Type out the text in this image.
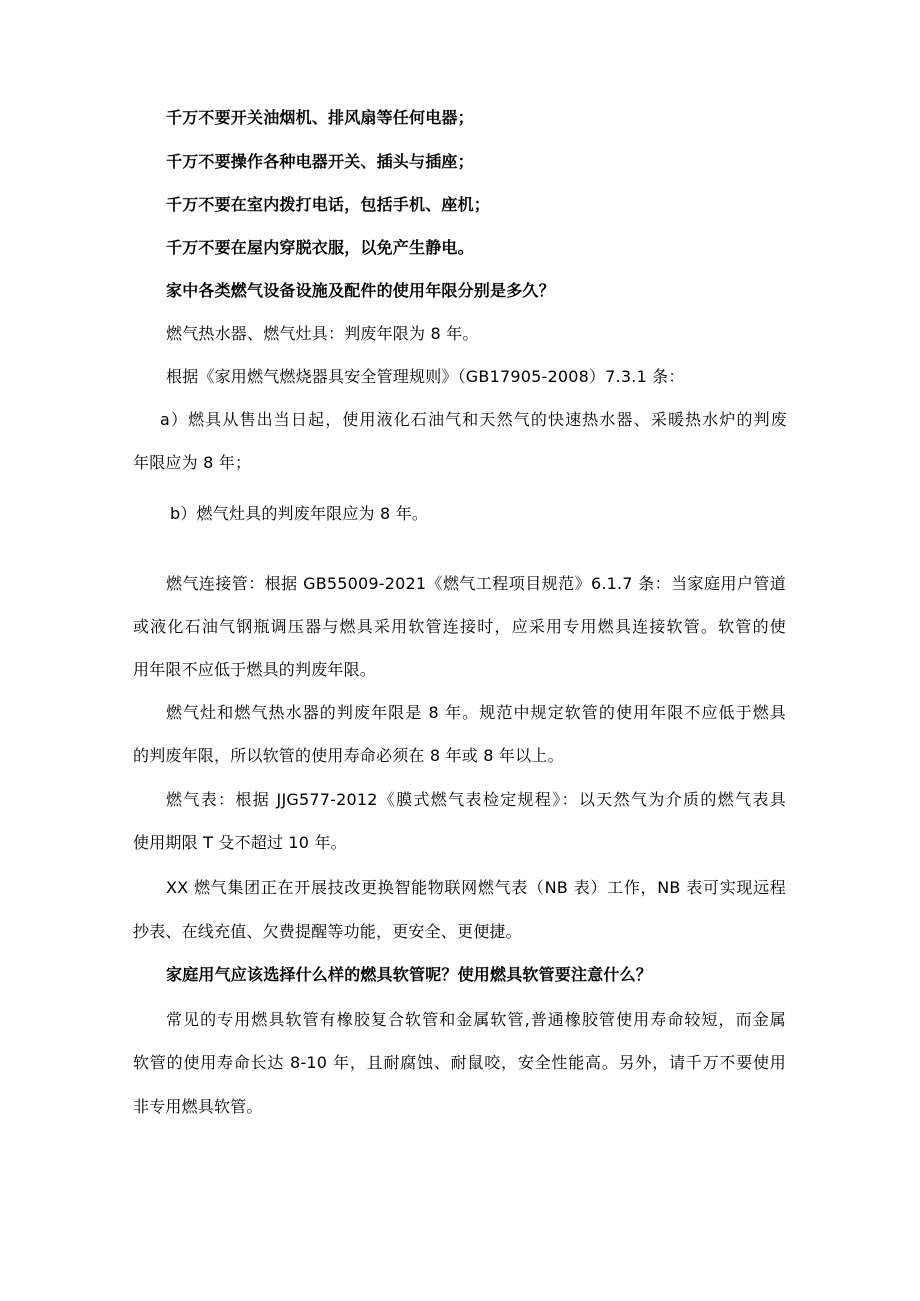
千万不要开关油烟机、排风扇等任何电器；
千万不要操作各种电器开关、插头与插座；
千万不要在室内拨打电话，包括手机、座机；
千万不要在屋内穿脱衣服，以免产生静电。
家中各类燃气设备设施及配件的使用年限分别是多久？
燃气热水器、燃气灶具：判废年限为 8 年。
根据《家用燃气燃烧器具安全管理规则》（GB17905-2008）7.3.1 条：
a）燃具从售出当日起，使用液化石油气和天然气的快速热水器、采暖热水炉的判废
年限应为 8 年；
b）燃气灶具的判废年限应为 8 年。
燃气连接管：根据 GB55009-2021《燃气工程项目规范》6.1.7 条：当家庭用户管道
或液化石油气钢瓶调压器与燃具采用软管连接时，应采用专用燃具连接软管。软管的使
用年限不应低于燃具的判废年限。
燃气灶和燃气热水器的判废年限是 8 年。规范中规定软管的使用年限不应低于燃具
的判废年限，所以软管的使用寿命必须在 8 年或 8 年以上。
燃气表：根据 JJG577-2012《膜式燃气表检定规程》：以天然气为介质的燃气表具
使用期限 T 殳不超过 10 年。
XX 燃气集团正在开展技改更换智能物联网燃气表（NB 表）工作，NB 表可实现远程
抄表、在线充值、欠费提醒等功能，更安全、更便捷。
家庭用气应该选择什么样的燃具软管呢？使用燃具软管要注意什么？
常见的专用燃具软管有橡胶复合软管和金属软管,普通橡胶管使用寿命较短，而金属
软管的使用寿命长达 8-10 年，且耐腐蚀、耐鼠咬，安全性能高。另外，请千万不要使用
非专用燃具软管。
